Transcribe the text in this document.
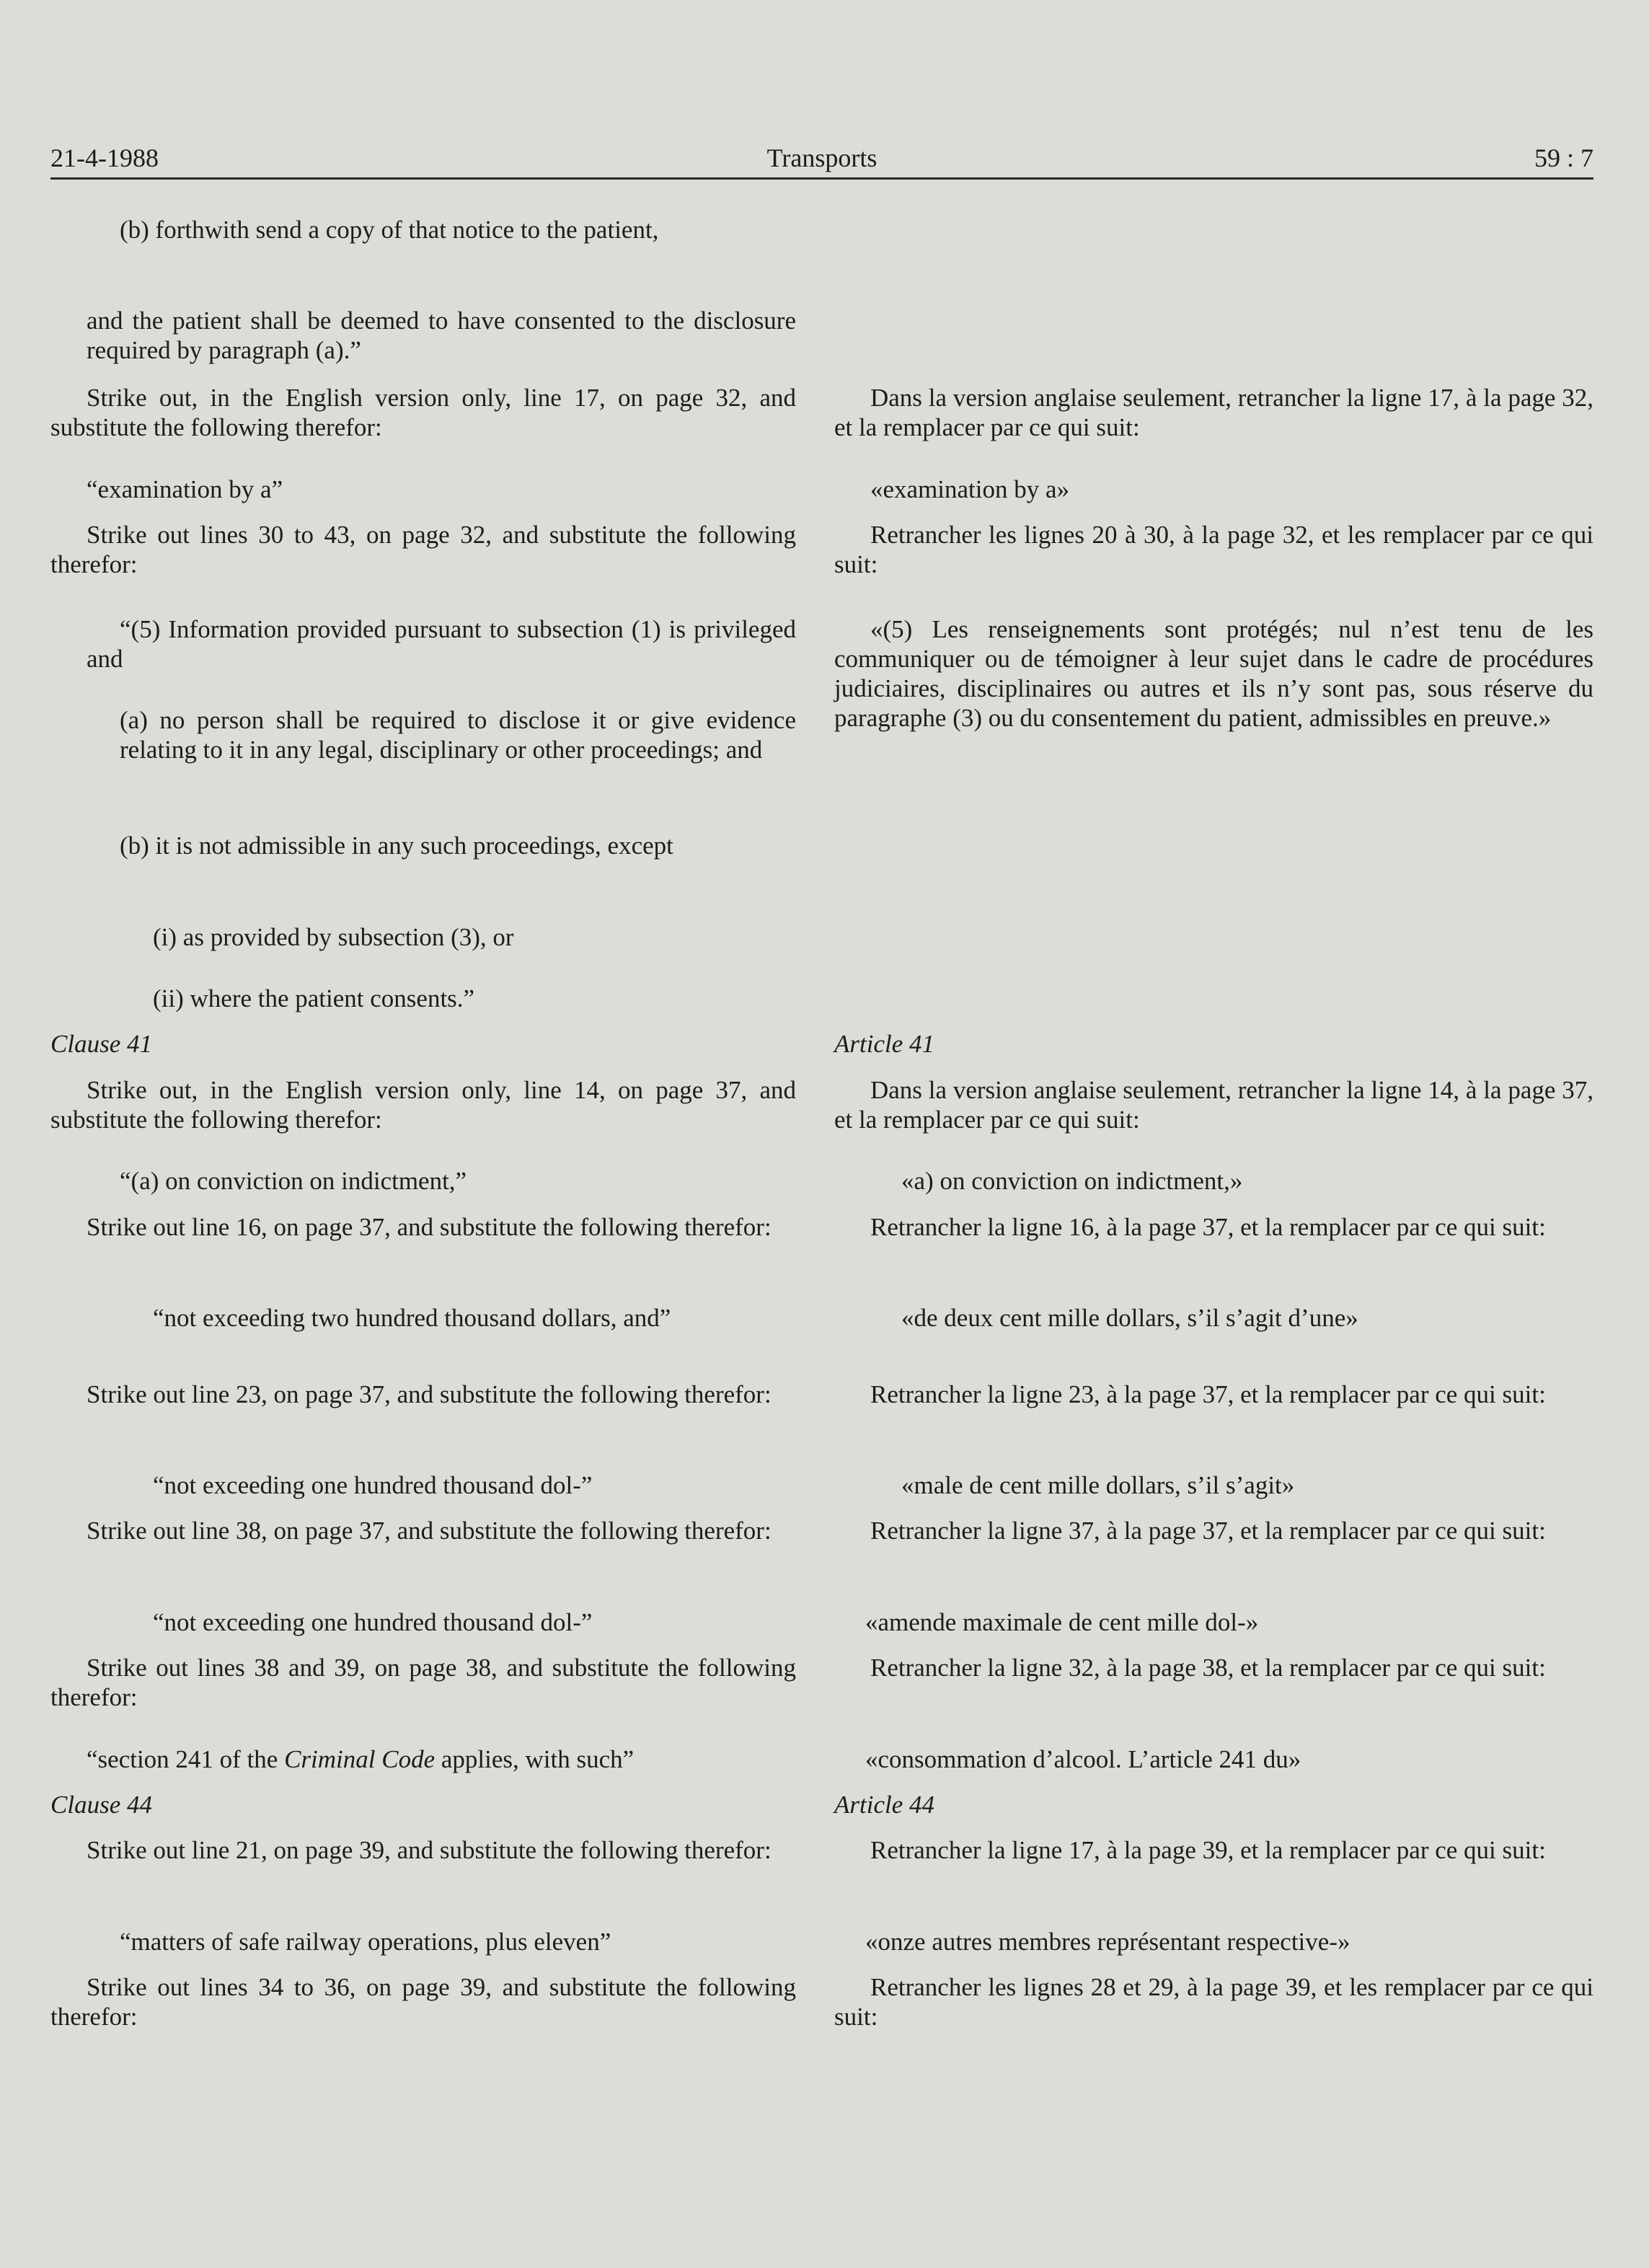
21-4-1988	Transports	59 : 7
(b) forthwith send a copy of that notice to the patient,
and the patient shall be deemed to have consented to the disclosure required by paragraph (a).”
Strike out, in the English version only, line 17, on page 32, and substitute the following therefor:
“examination by a”
Strike out lines 30 to 43, on page 32, and substitute the following therefor:
“(5) Information provided pursuant to subsection (1) is privileged and
(a) no person shall be required to disclose it or give evidence relating to it in any legal, disciplinary or other proceedings; and
(b) it is not admissible in any such proceedings, except
(i) as provided by subsection (3), or
(ii) where the patient consents.”
Clause 41
Strike out, in the English version only, line 14, on page 37, and substitute the following therefor:
“(a) on conviction on indictment,”
Strike out line 16, on page 37, and substitute the following therefor:
“not exceeding two hundred thousand dollars, and”
Strike out line 23, on page 37, and substitute the following therefor:
“not exceeding one hundred thousand dol-”
Strike out line 38, on page 37, and substitute the following therefor:
“not exceeding one hundred thousand dol-”
Strike out lines 38 and 39, on page 38, and substitute the following therefor:
“section 241 of the Criminal Code applies, with such”
Clause 44
Strike out line 21, on page 39, and substitute the following therefor:
“matters of safe railway operations, plus eleven”
Strike out lines 34 to 36, on page 39, and substitute the following therefor:
Dans la version anglaise seulement, retrancher la ligne 17, à la page 32, et la remplacer par ce qui suit:
«examination by a»
Retrancher les lignes 20 à 30, à la page 32, et les remplacer par ce qui suit:
«(5) Les renseignements sont protégés; nul n’est tenu de les communiquer ou de témoigner à leur sujet dans le cadre de procédures judiciaires, disciplinaires ou autres et ils n’y sont pas, sous réserve du paragraphe (3) ou du consentement du patient, admissibles en preuve.»
Article 41
Dans la version anglaise seulement, retrancher la ligne 14, à la page 37, et la remplacer par ce qui suit:
«a) on conviction on indictment,»
Retrancher la ligne 16, à la page 37, et la remplacer par ce qui suit:
«de deux cent mille dollars, s’il s’agit d’une»
Retrancher la ligne 23, à la page 37, et la remplacer par ce qui suit:
«male de cent mille dollars, s’il s’agit»
Retrancher la ligne 37, à la page 37, et la remplacer par ce qui suit:
«amende maximale de cent mille dol-»
Retrancher la ligne 32, à la page 38, et la remplacer par ce qui suit:
«consommation d’alcool. L’article 241 du»
Article 44
Retrancher la ligne 17, à la page 39, et la remplacer par ce qui suit:
«onze autres membres représentant respective-»
Retrancher les lignes 28 et 29, à la page 39, et les remplacer par ce qui suit:
